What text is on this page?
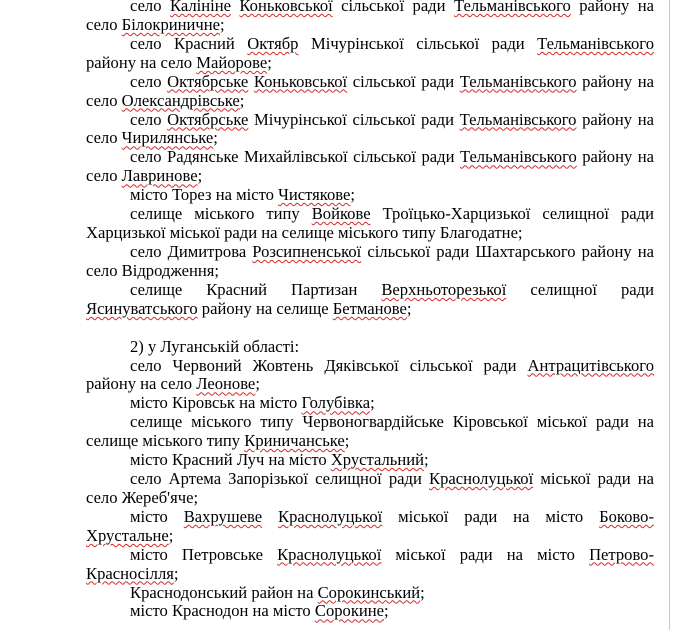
село Калініне Коньковської сільської ради Тельманівського району на

село Білокриничне;

село Красний Октябр Мічурінської сільської ради Тельманівського

району на село Майорове;

село Октябрське Коньковської сільської ради Тельманівського району на

село Олександрівське;

село Октябрське Мічурінської сільської ради Тельманівського району на

село Чирилянське;

село Радянське Михайлівської сільської ради Тельманівського району на

село Лавринове;

місто Торез на місто Чистякове;

селище міського типу Войкове Троїцько-Харцизької селищної ради

Харцизької міської ради на селище міського типу Благодатне;

село Димитрова Розсипненської сільської ради Шахтарського району на

село Відродження;

селище Красний Партизан Верхньоторезької селищної ради

Ясинуватського району на селище Бетманове;

2) у Луганській області:

село Червоний Жовтень Дяківської сільської ради Антрацитівського

району на село Леонове;

місто Кіровськ на місто Голубівка;

селище міського типу Червоногвардійське Кіровської міської ради на

селище міського типу Криничанське;

місто Красний Луч на місто Хрустальний;

село Артема Запорізької селищної ради Краснолуцької міської ради на

село Жереб'яче;

місто Вахрушеве Краснолуцької міської ради на місто Боково-

Хрустальне;

місто Петровське Краснолуцької міської ради на місто Петрово-

Красносілля;

Краснодонський район на Сорокинський;

місто Краснодон на місто Сорокине;
